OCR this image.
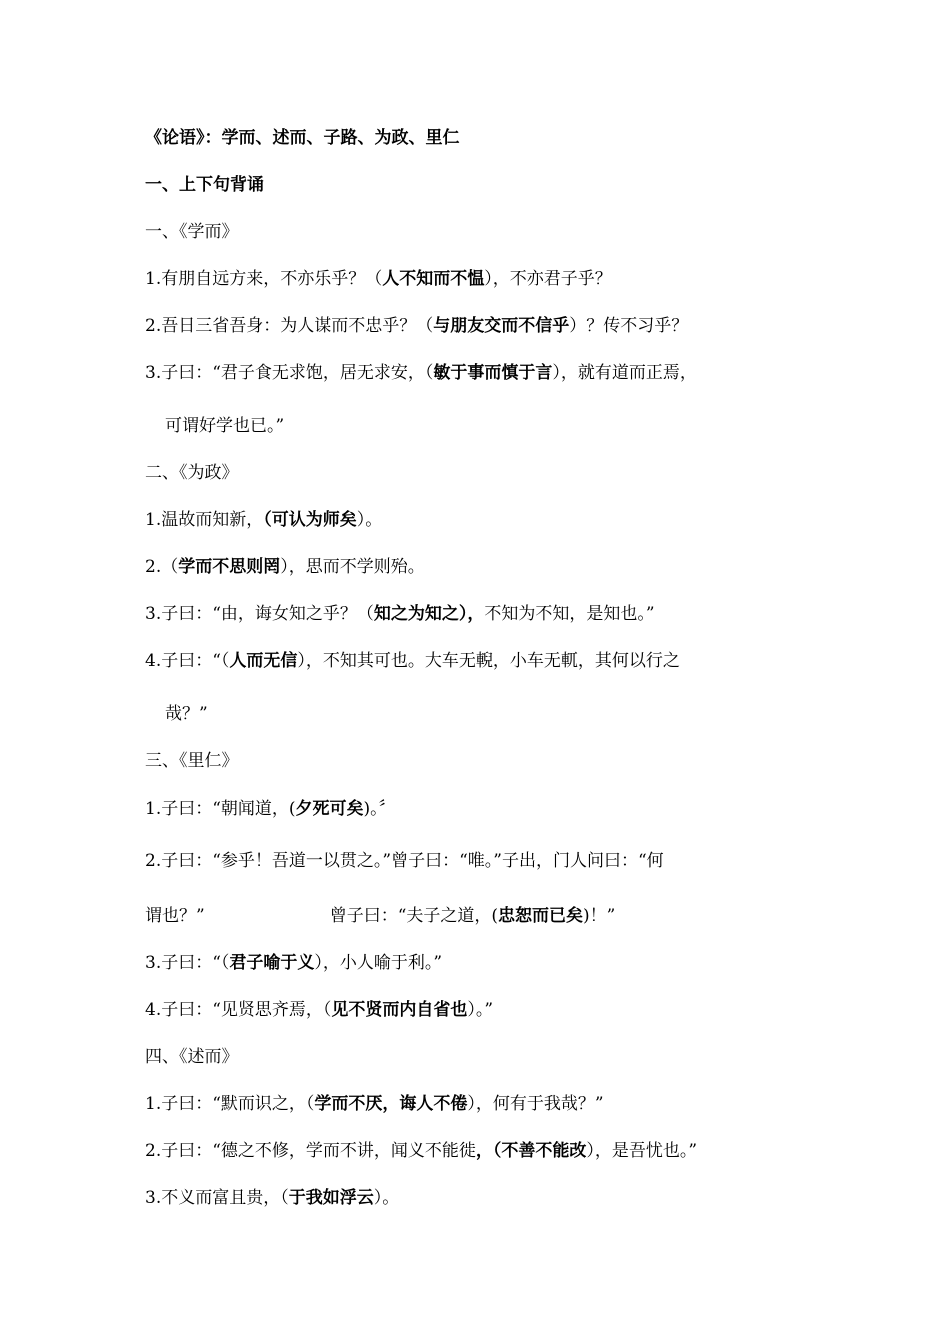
《论语》：学而、述而、子路、为政、里仁
一、上下句背诵
一、《学而》
1.有朋自远方来，不亦乐乎？（人不知而不愠），不亦君子乎？
2.吾日三省吾身：为人谋而不忠乎？（与朋友交而不信乎）？传不习乎？
3.子曰：“君子食无求饱，居无求安，（敏于事而慎于言），就有道而正焉，
可谓好学也已。”
二、《为政》
1.温故而知新，（可认为师矣）。
2.（学而不思则罔），思而不学则殆。
3.子曰：“由，诲女知之乎？（知之为知之），不知为不知，是知也。”
4.子曰：“（人而无信），不知其可也。大车无輗，小车无軏，其何以行之
哉？”
三、《里仁》
1.子曰：“朝闻道，(夕死可矣)。〞
2.子曰：“参乎！吾道一以贯之。”曾子曰：“唯。”子出，门人问曰：“何
谓也？”	曾子曰：“夫子之道，(忠恕而已矣)！”
3.子曰：“（君子喻于义），小人喻于利。”
4.子曰：“见贤思齐焉，（见不贤而内自省也）。”
四、《述而》
1.子曰：“默而识之，（学而不厌，诲人不倦），何有于我哉？”
2.子曰：“德之不修，学而不讲，闻义不能徙，（不善不能改），是吾忧也。”
3.不义而富且贵，（于我如浮云）。
